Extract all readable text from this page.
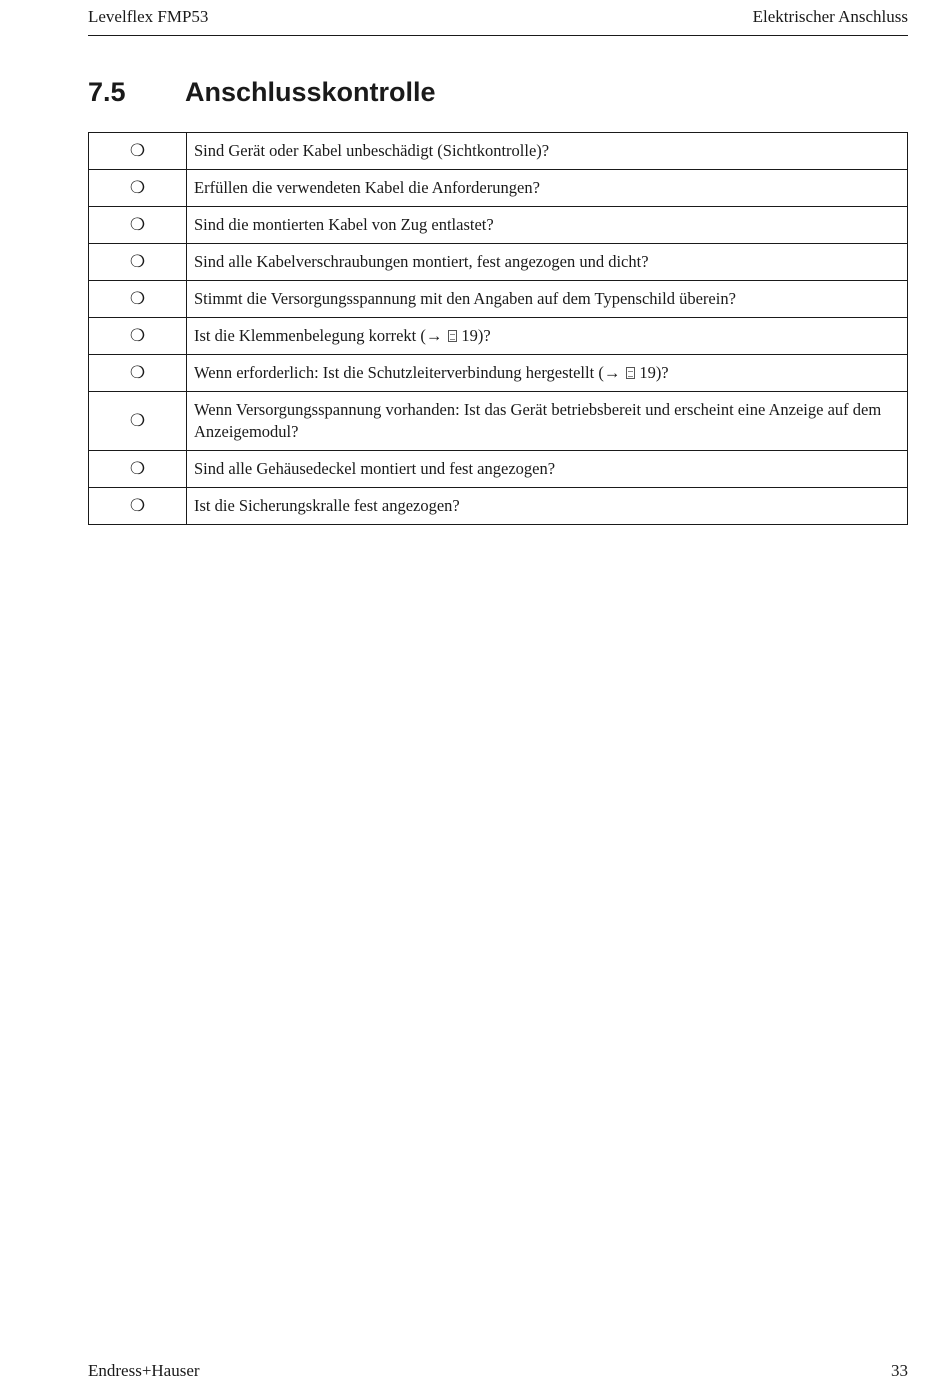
Levelflex FMP53	Elektrischer Anschluss
7.5 Anschlusskontrolle
❍	Sind Gerät oder Kabel unbeschädigt (Sichtkontrolle)?
❍	Erfüllen die verwendeten Kabel die Anforderungen?
❍	Sind die montierten Kabel von Zug entlastet?
❍	Sind alle Kabelverschraubungen montiert, fest angezogen und dicht?
❍	Stimmt die Versorgungsspannung mit den Angaben auf dem Typenschild überein?
❍	Ist die Klemmenbelegung korrekt (→ 19)?
❍	Wenn erforderlich: Ist die Schutzleiterverbindung hergestellt (→ 19)?
❍	Wenn Versorgungsspannung vorhanden: Ist das Gerät betriebsbereit und erscheint eine Anzeige auf dem Anzeigemodul?
❍	Sind alle Gehäusedeckel montiert und fest angezogen?
❍	Ist die Sicherungskralle fest angezogen?
Endress+Hauser	33
